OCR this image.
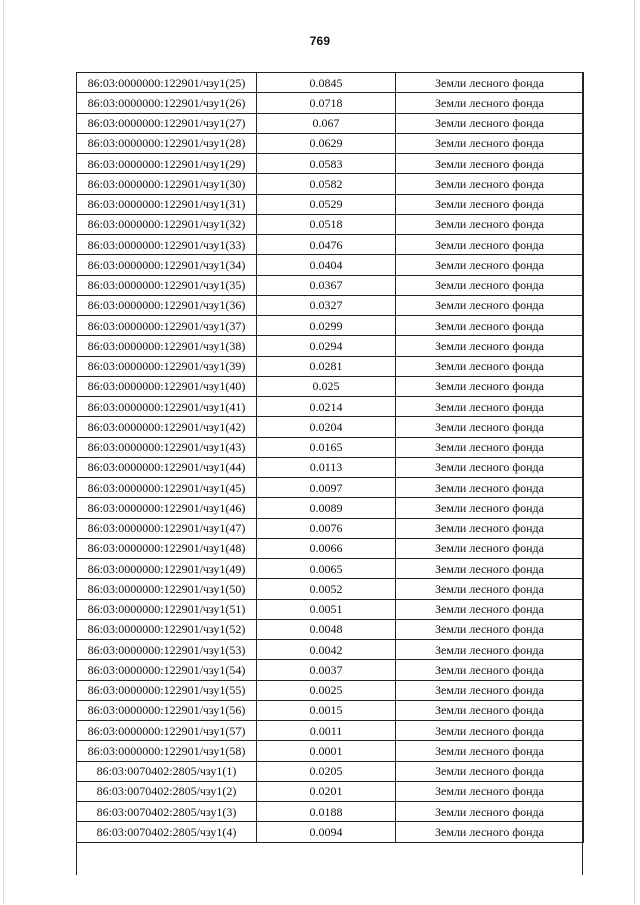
769
86:03:0000000:122901/чзу1(25)	0.0845	Земли лесного фонда
86:03:0000000:122901/чзу1(26)	0.0718	Земли лесного фонда
86:03:0000000:122901/чзу1(27)	0.067	Земли лесного фонда
86:03:0000000:122901/чзу1(28)	0.0629	Земли лесного фонда
86:03:0000000:122901/чзу1(29)	0.0583	Земли лесного фонда
86:03:0000000:122901/чзу1(30)	0.0582	Земли лесного фонда
86:03:0000000:122901/чзу1(31)	0.0529	Земли лесного фонда
86:03:0000000:122901/чзу1(32)	0.0518	Земли лесного фонда
86:03:0000000:122901/чзу1(33)	0.0476	Земли лесного фонда
86:03:0000000:122901/чзу1(34)	0.0404	Земли лесного фонда
86:03:0000000:122901/чзу1(35)	0.0367	Земли лесного фонда
86:03:0000000:122901/чзу1(36)	0.0327	Земли лесного фонда
86:03:0000000:122901/чзу1(37)	0.0299	Земли лесного фонда
86:03:0000000:122901/чзу1(38)	0.0294	Земли лесного фонда
86:03:0000000:122901/чзу1(39)	0.0281	Земли лесного фонда
86:03:0000000:122901/чзу1(40)	0.025	Земли лесного фонда
86:03:0000000:122901/чзу1(41)	0.0214	Земли лесного фонда
86:03:0000000:122901/чзу1(42)	0.0204	Земли лесного фонда
86:03:0000000:122901/чзу1(43)	0.0165	Земли лесного фонда
86:03:0000000:122901/чзу1(44)	0.0113	Земли лесного фонда
86:03:0000000:122901/чзу1(45)	0.0097	Земли лесного фонда
86:03:0000000:122901/чзу1(46)	0.0089	Земли лесного фонда
86:03:0000000:122901/чзу1(47)	0.0076	Земли лесного фонда
86:03:0000000:122901/чзу1(48)	0.0066	Земли лесного фонда
86:03:0000000:122901/чзу1(49)	0.0065	Земли лесного фонда
86:03:0000000:122901/чзу1(50)	0.0052	Земли лесного фонда
86:03:0000000:122901/чзу1(51)	0.0051	Земли лесного фонда
86:03:0000000:122901/чзу1(52)	0.0048	Земли лесного фонда
86:03:0000000:122901/чзу1(53)	0.0042	Земли лесного фонда
86:03:0000000:122901/чзу1(54)	0.0037	Земли лесного фонда
86:03:0000000:122901/чзу1(55)	0.0025	Земли лесного фонда
86:03:0000000:122901/чзу1(56)	0.0015	Земли лесного фонда
86:03:0000000:122901/чзу1(57)	0.0011	Земли лесного фонда
86:03:0000000:122901/чзу1(58)	0.0001	Земли лесного фонда
86:03:0070402:2805/чзу1(1)	0.0205	Земли лесного фонда
86:03:0070402:2805/чзу1(2)	0.0201	Земли лесного фонда
86:03:0070402:2805/чзу1(3)	0.0188	Земли лесного фонда
86:03:0070402:2805/чзу1(4)	0.0094	Земли лесного фонда
